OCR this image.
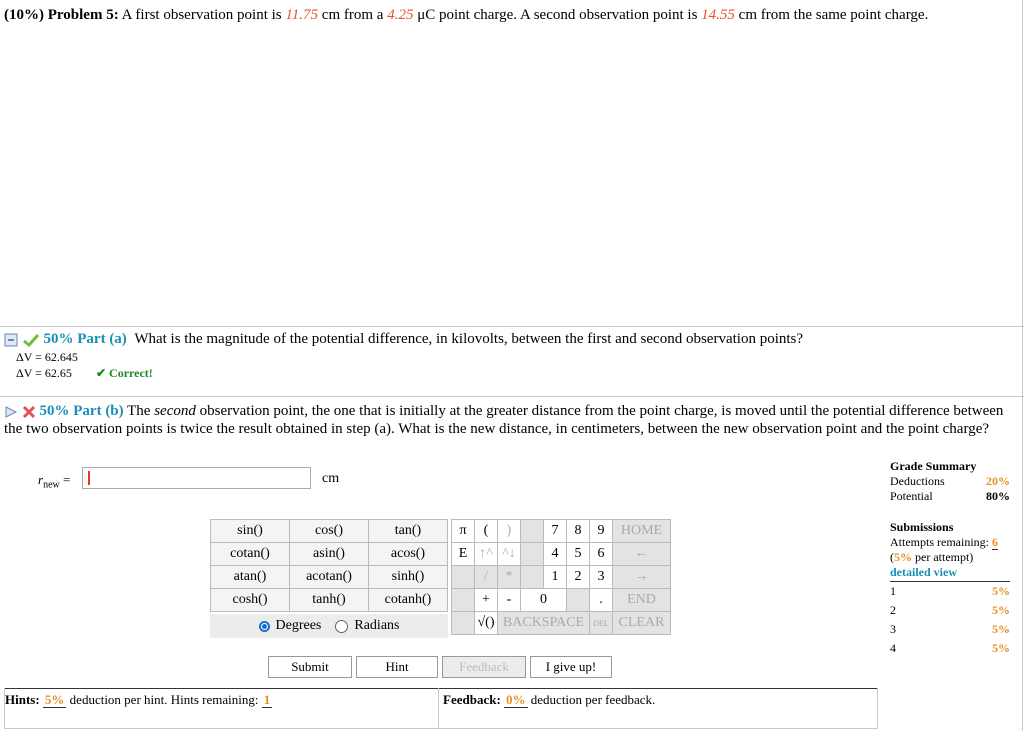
(10%) Problem 5: A first observation point is 11.75 cm from a 4.25 μC point charge. A second observation point is 14.55 cm from the same point charge.
50% Part (a) What is the magnitude of the potential difference, in kilovolts, between the first and second observation points?
ΔV = 62.645
ΔV = 62.65 ✔ Correct!
50% Part (b) The second observation point, the one that is initially at the greater distance from the point charge, is moved until the potential difference between the two observation points is twice the result obtained in step (a). What is the new distance, in centimeters, between the new observation point and the point charge?
$r_{new}$ =	cm
sin()	cos()	tan()
cotan()	asin()	acos()
atan()	acotan()	sinh()
cosh()	tanh()	cotanh()
Degrees Radians
π	(	)		7	8	9	HOME
E	↑^	^↓		4	5	6	←
	/	*		1	2	3	→
	+	-	0			.	END
	√()	BACKSPACE				DEL	CLEAR
Submit	Hint	Feedback	I give up!
Hints: 5% deduction per hint. Hints remaining: 1	Feedback: 0% deduction per feedback.
Grade Summary
Deductions	20%
Potential	80%
Submissions
Attempts remaining: 6
(5% per attempt)
detailed view
1	5%
2	5%
3	5%
4	5%
